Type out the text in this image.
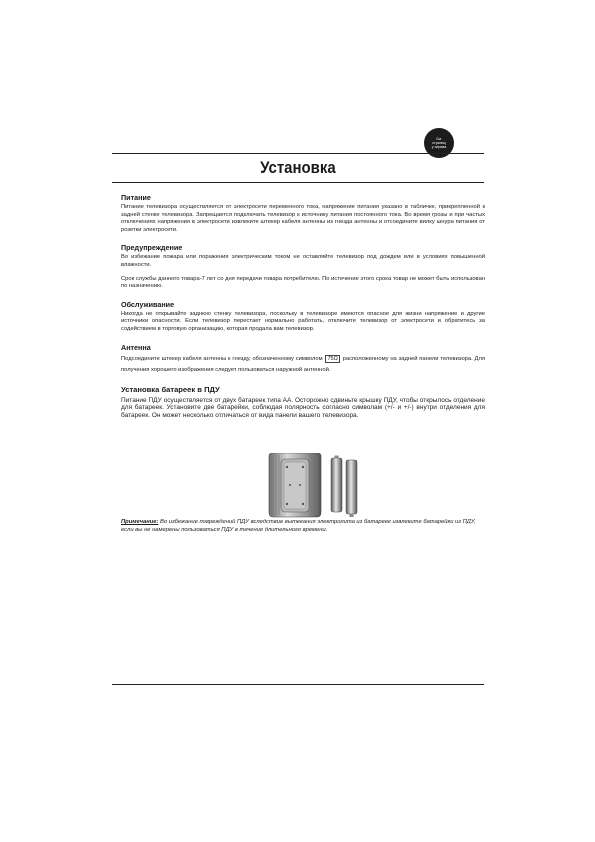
См.
страниц
у справа
Установка
Питание

Питание телевизора осуществляется от электросети переменного тока, напряжение питания указано в табличке, прикрепленной к задней стенке телевизора. Запрещается подключать телевизор к источнику питания постоянного тока. Во время грозы и при частых отключениях напряжения в электросети извлеките штекер кабеля антенны из гнезда антенны и отсоедините вилку шнура питания от розетки электросети.

Предупреждение

Во избежание пожара или поражения электрическим током не оставляйте телевизор под дождем или в условиях повышенной влажности.

Срок службы данного товара-7 лет со дня передачи товара потребителю. По истечение этого срока товар не может быть использован по назначению.

Обслуживание

Никогда не открывайте заднюю стенку телевизора, поскольку в телевизоре имеются опасное для жизни напряжение и другие источники опасности. Если телевизор перестает нормально работать, отключите телевизор от электросети и обратитесь за содействием в торговую организацию, которая продала вам телевизор.

Антенна

Подсоедините штекер кабеля антенны к гнезду, обозначенному символом 75Ω расположенному на задней панели телевизора. Для получения хорошего изображения следует пользоваться наружной антенной.

Установка батареек в ПДУ

Питание ПДУ осуществляется от двух батареек типа АА. Осторожно сдвиньте крышку ПДУ, чтобы открылось отделение для батареек. Установите две батарейки, соблюдая полярность согласно символам (+/- и +/-) внутри отделения для батареек. Он может несколько отличаться от вида панели вашего телевизора.

Примечание: Во избежание повреждений ПДУ вследствие вытекания электролита из батареек извлеките батарейки из ПДУ, если вы не намерены пользоваться ПДУ в течение длительного времени.
